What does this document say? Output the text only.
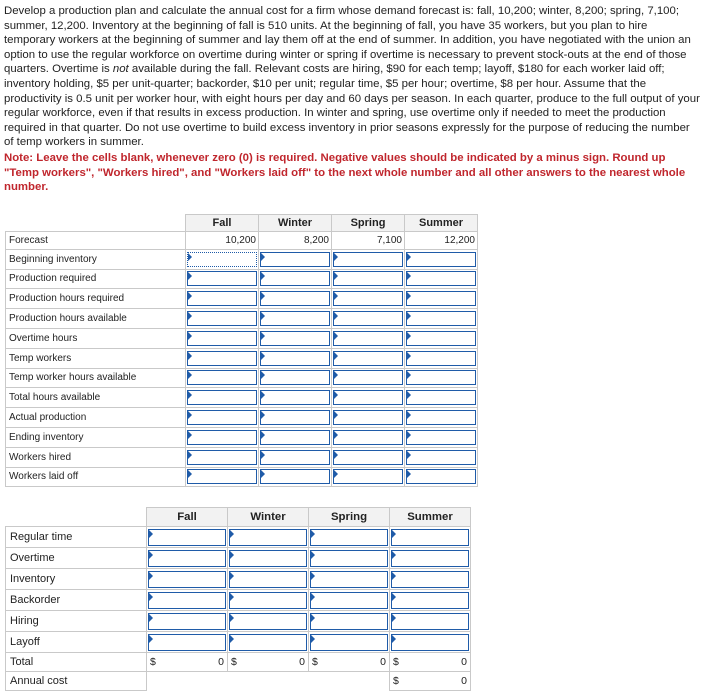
Develop a production plan and calculate the annual cost for a firm whose demand forecast is: fall, 10,200; winter, 8,200; spring, 7,100; summer, 12,200. Inventory at the beginning of fall is 510 units. At the beginning of fall, you have 35 workers, but you plan to hire temporary workers at the beginning of summer and lay them off at the end of summer. In addition, you have negotiated with the union an option to use the regular workforce on overtime during winter or spring if overtime is necessary to prevent stock-outs at the end of those quarters. Overtime is not available during the fall. Relevant costs are hiring, $90 for each temp; layoff, $180 for each worker laid off; inventory holding, $5 per unit-quarter; backorder, $10 per unit; regular time, $5 per hour; overtime, $8 per hour. Assume that the productivity is 0.5 unit per worker hour, with eight hours per day and 60 days per season. In each quarter, produce to the full output of your regular workforce, even if that results in excess production. In winter and spring, use overtime only if needed to meet the production required in that quarter. Do not use overtime to build excess inventory in prior seasons expressly for the purpose of reducing the number of temp workers in summer.

Note: Leave the cells blank, whenever zero (0) is required. Negative values should be indicated by a minus sign. Round up "Temp workers", "Workers hired", and "Workers laid off" to the next whole number and all other answers to the nearest whole number.

	Fall	Winter	Spring	Summer
Forecast	10,200	8,200	7,100	12,200
Beginning inventory	

Production required	

Production hours required	

Production hours available	

Overtime hours	

Temp workers	

Temp worker hours available	

Total hours available	

Actual production	

Ending inventory	

Workers hired	

Workers laid off	

	Fall	Winter	Spring	Summer
Regular time	

Overtime	

Inventory	

Backorder	

Hiring	

Layoff	

Total	$ 0	$ 0	$ 0	$ 0

Annual cost				$ 0
